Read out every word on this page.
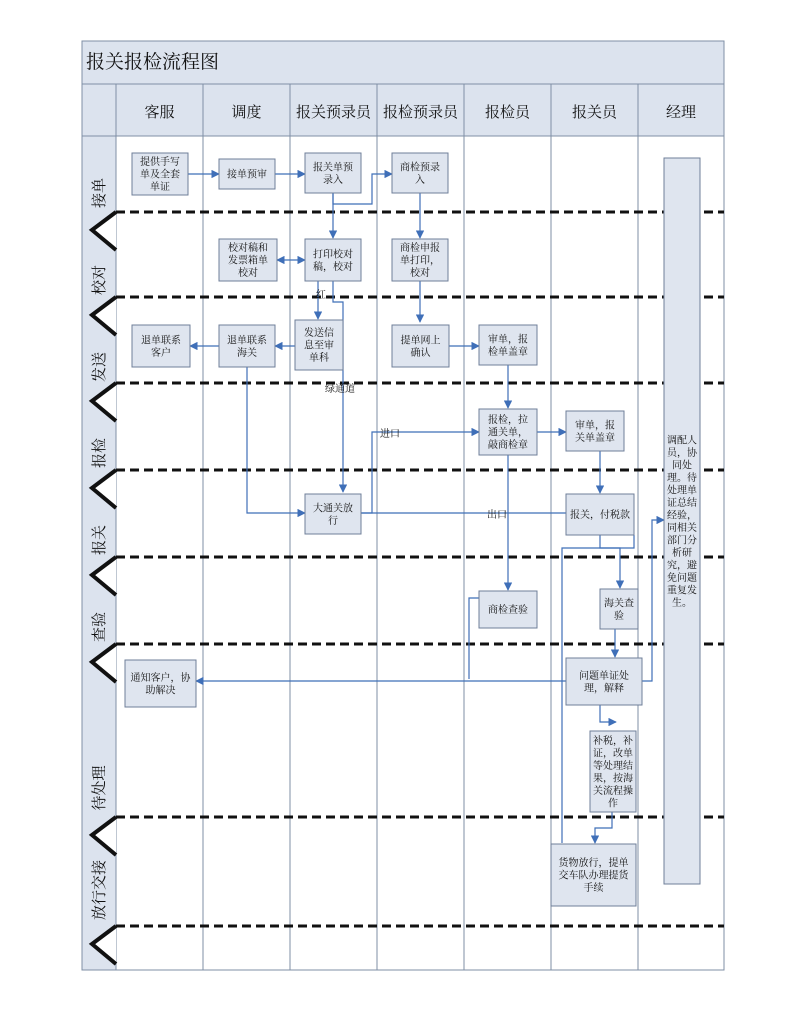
报关报检流程图
客服	调度 报关预录员 报检预录员 报检员	报关员	经理
接单
校对
发送
报检
报关
查验
待处理
放行交接
红
绿通道
进口
出口
提供手写
单及全套
单证
接单预审
报关单预
录入
商检预录
入
校对稿和
发票箱单
校对
打印校对
稿，校对
商检申报
单打印，
校对
退单联系
客户
退单联系
海关
发送信
息至审
单科
提单网上
确认
审单，报
检单盖章
报检，拉
通关单，
敲商检章
审单，报
关单盖章
大通关放
行
报关，付税款
商检查验
海关查
验
通知客户，协
助解决
问题单证处
理，解释
补税，补
证，改单
等处理结
果，按海
关流程操
作
货物放行，提单
交车队办理提货
手续
调配人
员，协
同处
理。待
处理单
证总结
经验，
同相关
部门分
析研
究，避
免问题
重复发
生。
